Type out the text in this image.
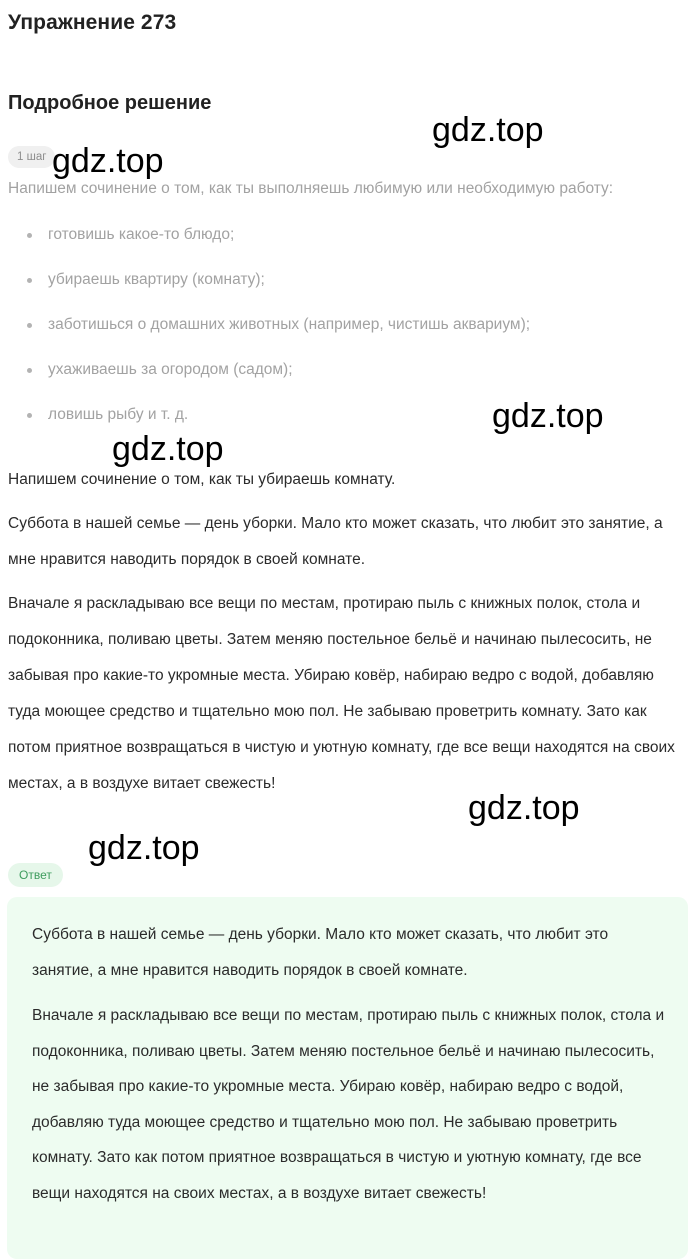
Упражнение 273
Подробное решение
1 шаг

Напишем сочинение о том, как ты выполняешь любимую или необходимую работу:

готовишь какое-то блюдо;
убираешь квартиру (комнату);
заботишься о домашних животных (например, чистишь аквариум);
ухаживаешь за огородом (садом);
ловишь рыбу и т. д.

Напишем сочинение о том, как ты убираешь комнату.

Суббота в нашей семье — день уборки. Мало кто может сказать, что любит это занятие, а мне нравится наводить порядок в своей комнате.

Вначале я раскладываю все вещи по местам, протираю пыль с книжных полок, стола и подоконника, поливаю цветы. Затем меняю постельное бельё и начинаю пылесосить, не забывая про какие-то укромные места. Убираю ковёр, набираю ведро с водой, добавляю туда моющее средство и тщательно мою пол. Не забываю проветрить комнату. Зато как потом приятное возвращаться в чистую и уютную комнату, где все вещи находятся на своих местах, а в воздухе витает свежесть!

Ответ

Суббота в нашей семье — день уборки. Мало кто может сказать, что любит это занятие, а мне нравится наводить порядок в своей комнате.

Вначале я раскладываю все вещи по местам, протираю пыль с книжных полок, стола и подоконника, поливаю цветы. Затем меняю постельное бельё и начинаю пылесосить, не забывая про какие-то укромные места. Убираю ковёр, набираю ведро с водой, добавляю туда моющее средство и тщательно мою пол. Не забываю проветрить комнату. Зато как потом приятное возвращаться в чистую и уютную комнату, где все вещи находятся на своих местах, а в воздухе витает свежесть!

gdz.top
gdz.top
gdz.top
gdz.top
gdz.top
gdz.top
